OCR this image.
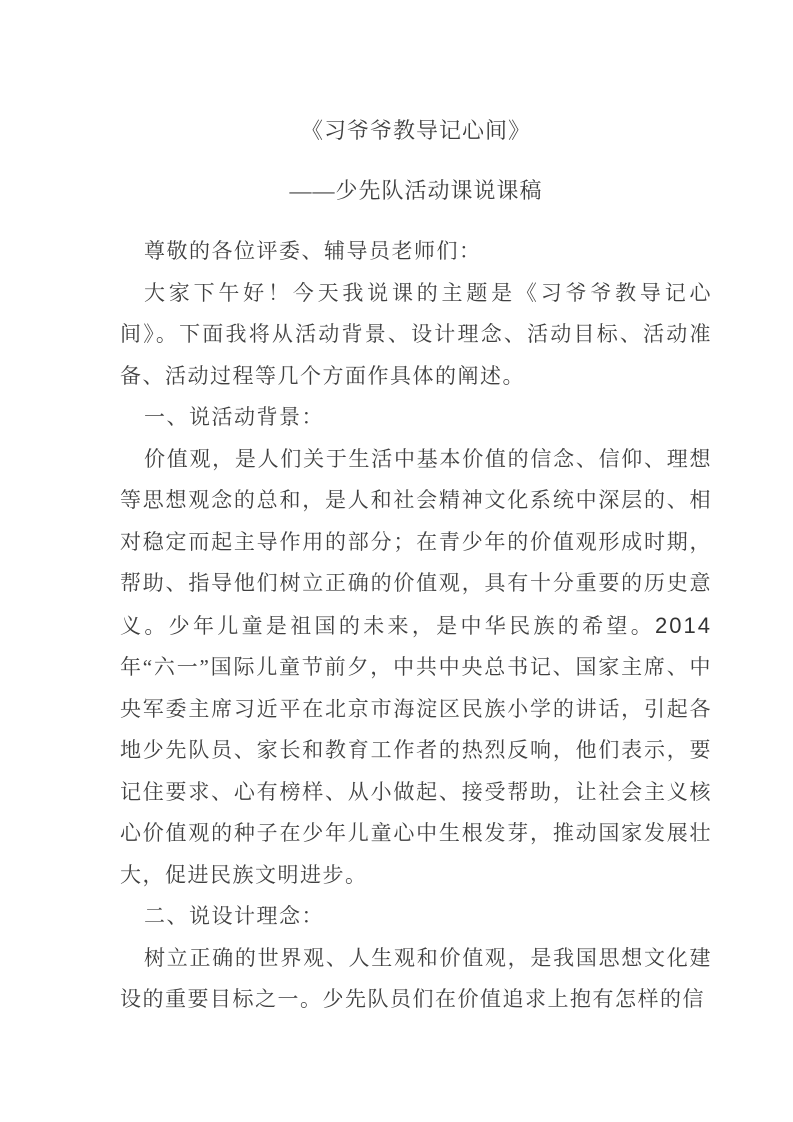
《习爷爷教导记心间》
——少先队活动课说课稿

尊敬的各位评委、辅导员老师们：

大家下午好！今天我说课的主题是《习爷爷教导记心间》。下面我将从活动背景、设计理念、活动目标、活动准备、活动过程等几个方面作具体的阐述。

一、说活动背景：

价值观，是人们关于生活中基本价值的信念、信仰、理想等思想观念的总和，是人和社会精神文化系统中深层的、相对稳定而起主导作用的部分；在青少年的价值观形成时期，帮助、指导他们树立正确的价值观，具有十分重要的历史意义。少年儿童是祖国的未来，是中华民族的希望。2014 年“六一”国际儿童节前夕，中共中央总书记、国家主席、中央军委主席习近平在北京市海淀区民族小学的讲话，引起各地少先队员、家长和教育工作者的热烈反响，他们表示，要记住要求、心有榜样、从小做起、接受帮助，让社会主义核心价值观的种子在少年儿童心中生根发芽，推动国家发展壮大，促进民族文明进步。

二、说设计理念：

树立正确的世界观、人生观和价值观，是我国思想文化建设的重要目标之一。少先队员们在价值追求上抱有怎样的信
